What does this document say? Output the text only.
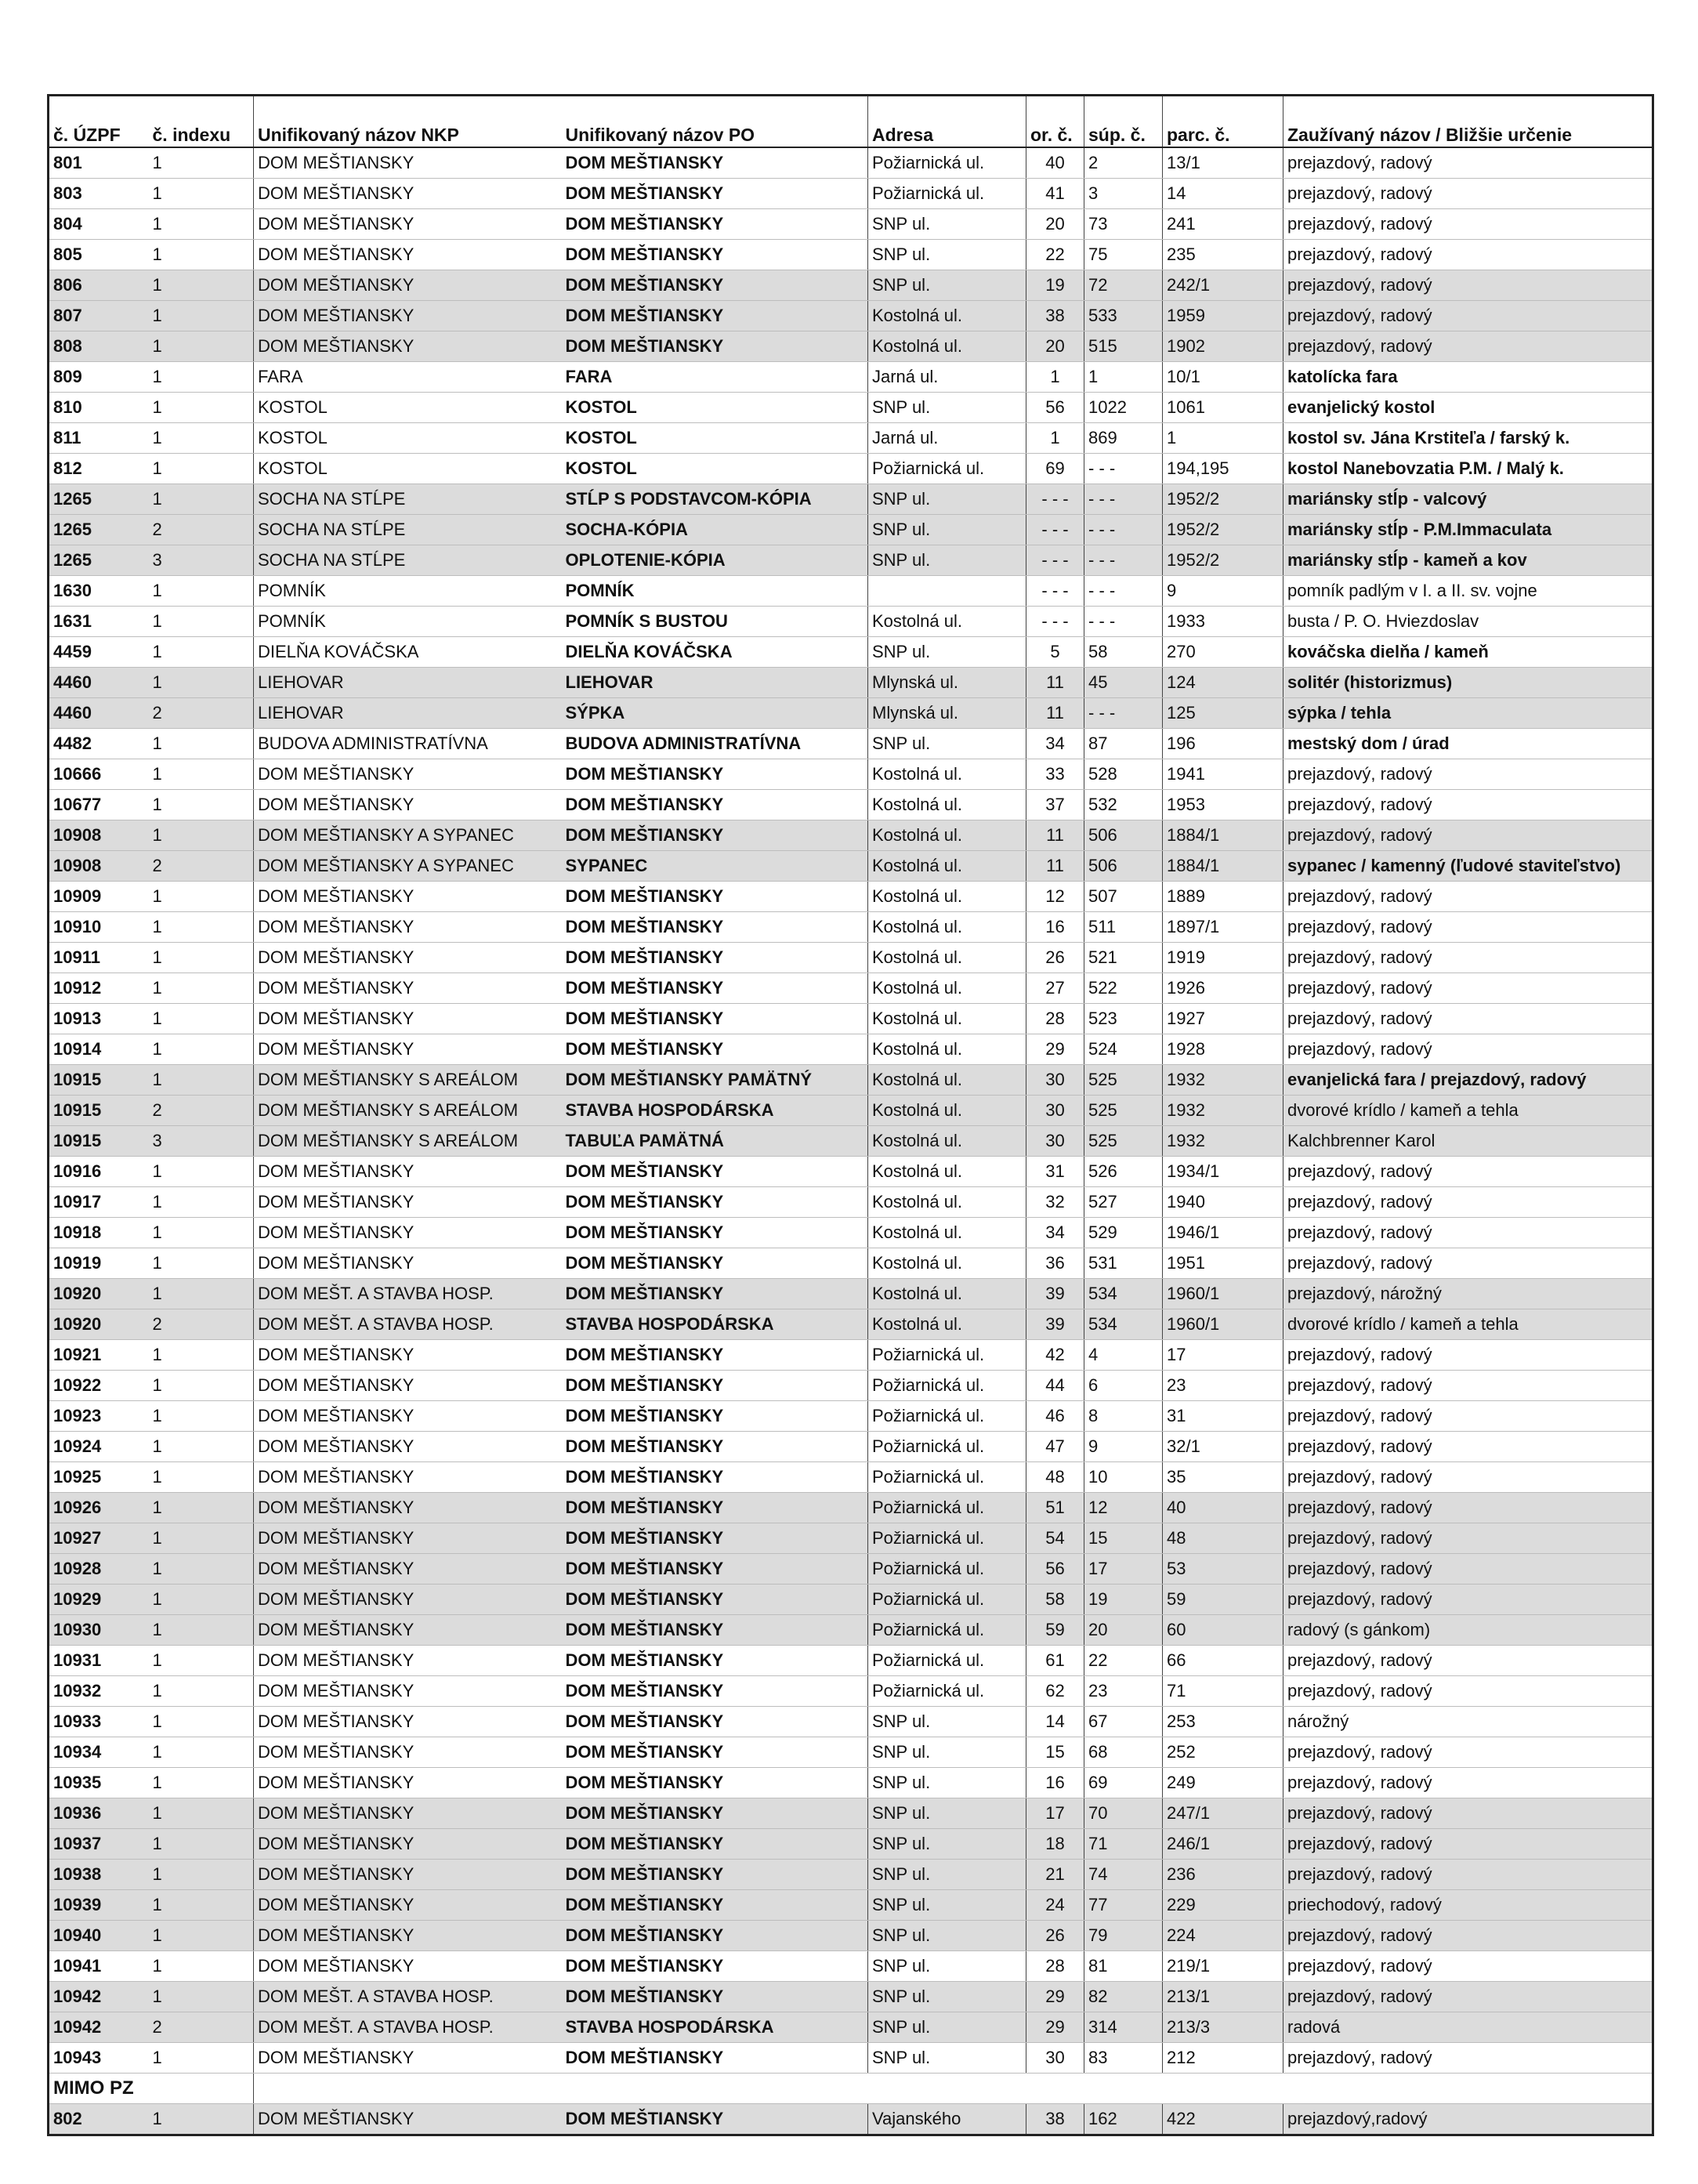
č. ÚZPF	č. indexu	Unifikovaný názov NKP	Unifikovaný názov PO	Adresa	or. č.	súp. č.	parc. č.	Zaužívaný názov / Bližšie určenie
801	1	DOM MEŠTIANSKY	DOM MEŠTIANSKY	Požiarnická ul.	40	2	13/1	prejazdový, radový
803	1	DOM MEŠTIANSKY	DOM MEŠTIANSKY	Požiarnická ul.	41	3	14	prejazdový, radový
804	1	DOM MEŠTIANSKY	DOM MEŠTIANSKY	SNP ul.	20	73	241	prejazdový, radový
805	1	DOM MEŠTIANSKY	DOM MEŠTIANSKY	SNP ul.	22	75	235	prejazdový, radový
806	1	DOM MEŠTIANSKY	DOM MEŠTIANSKY	SNP ul.	19	72	242/1	prejazdový, radový
807	1	DOM MEŠTIANSKY	DOM MEŠTIANSKY	Kostolná ul.	38	533	1959	prejazdový, radový
808	1	DOM MEŠTIANSKY	DOM MEŠTIANSKY	Kostolná ul.	20	515	1902	prejazdový, radový
809	1	FARA	FARA	Jarná ul.	1	1	10/1	katolícka fara
810	1	KOSTOL	KOSTOL	SNP ul.	56	1022	1061	evanjelický kostol
811	1	KOSTOL	KOSTOL	Jarná ul.	1	869	1	kostol sv. Jána Krstiteľa / farský k.
812	1	KOSTOL	KOSTOL	Požiarnická ul.	69	- - -	194,195	kostol Nanebovzatia P.M. / Malý k.
1265	1	SOCHA NA STĹPE	STĹP S PODSTAVCOM-KÓPIA	SNP ul.	- - -	- - -	1952/2	mariánsky stĺp - valcový
1265	2	SOCHA NA STĹPE	SOCHA-KÓPIA	SNP ul.	- - -	- - -	1952/2	mariánsky stĺp - P.M.Immaculata
1265	3	SOCHA NA STĹPE	OPLOTENIE-KÓPIA	SNP ul.	- - -	- - -	1952/2	mariánsky stĺp - kameň a kov
1630	1	POMNÍK	POMNÍK		- - -	- - -	9	pomník padlým v I. a II. sv. vojne
1631	1	POMNÍK	POMNÍK S BUSTOU	Kostolná ul.	- - -	- - -	1933	busta / P. O. Hviezdoslav
4459	1	DIELŇA KOVÁČSKA	DIELŇA KOVÁČSKA	SNP ul.	5	58	270	kováčska dielňa / kameň
4460	1	LIEHOVAR	LIEHOVAR	Mlynská ul.	11	45	124	solitér (historizmus)
4460	2	LIEHOVAR	SÝPKA	Mlynská ul.	11	- - -	125	sýpka / tehla
4482	1	BUDOVA ADMINISTRATÍVNA	BUDOVA ADMINISTRATÍVNA	SNP ul.	34	87	196	mestský dom / úrad
10666	1	DOM MEŠTIANSKY	DOM MEŠTIANSKY	Kostolná ul.	33	528	1941	prejazdový, radový
10677	1	DOM MEŠTIANSKY	DOM MEŠTIANSKY	Kostolná ul.	37	532	1953	prejazdový, radový
10908	1	DOM MEŠTIANSKY A SYPANEC	DOM MEŠTIANSKY	Kostolná ul.	11	506	1884/1	prejazdový, radový
10908	2	DOM MEŠTIANSKY A SYPANEC	SYPANEC	Kostolná ul.	11	506	1884/1	sypanec / kamenný (ľudové staviteľstvo)
10909	1	DOM MEŠTIANSKY	DOM MEŠTIANSKY	Kostolná ul.	12	507	1889	prejazdový, radový
10910	1	DOM MEŠTIANSKY	DOM MEŠTIANSKY	Kostolná ul.	16	511	1897/1	prejazdový, radový
10911	1	DOM MEŠTIANSKY	DOM MEŠTIANSKY	Kostolná ul.	26	521	1919	prejazdový, radový
10912	1	DOM MEŠTIANSKY	DOM MEŠTIANSKY	Kostolná ul.	27	522	1926	prejazdový, radový
10913	1	DOM MEŠTIANSKY	DOM MEŠTIANSKY	Kostolná ul.	28	523	1927	prejazdový, radový
10914	1	DOM MEŠTIANSKY	DOM MEŠTIANSKY	Kostolná ul.	29	524	1928	prejazdový, radový
10915	1	DOM MEŠTIANSKY S AREÁLOM	DOM MEŠTIANSKY PAMÄTNÝ	Kostolná ul.	30	525	1932	evanjelická fara / prejazdový, radový
10915	2	DOM MEŠTIANSKY S AREÁLOM	STAVBA HOSPODÁRSKA	Kostolná ul.	30	525	1932	dvorové krídlo / kameň a tehla
10915	3	DOM MEŠTIANSKY S AREÁLOM	TABUĽA PAMÄTNÁ	Kostolná ul.	30	525	1932	Kalchbrenner Karol
10916	1	DOM MEŠTIANSKY	DOM MEŠTIANSKY	Kostolná ul.	31	526	1934/1	prejazdový, radový
10917	1	DOM MEŠTIANSKY	DOM MEŠTIANSKY	Kostolná ul.	32	527	1940	prejazdový, radový
10918	1	DOM MEŠTIANSKY	DOM MEŠTIANSKY	Kostolná ul.	34	529	1946/1	prejazdový, radový
10919	1	DOM MEŠTIANSKY	DOM MEŠTIANSKY	Kostolná ul.	36	531	1951	prejazdový, radový
10920	1	DOM MEŠT. A STAVBA HOSP.	DOM MEŠTIANSKY	Kostolná ul.	39	534	1960/1	prejazdový, nárožný
10920	2	DOM MEŠT. A STAVBA HOSP.	STAVBA HOSPODÁRSKA	Kostolná ul.	39	534	1960/1	dvorové krídlo / kameň a tehla
10921	1	DOM MEŠTIANSKY	DOM MEŠTIANSKY	Požiarnická ul.	42	4	17	prejazdový, radový
10922	1	DOM MEŠTIANSKY	DOM MEŠTIANSKY	Požiarnická ul.	44	6	23	prejazdový, radový
10923	1	DOM MEŠTIANSKY	DOM MEŠTIANSKY	Požiarnická ul.	46	8	31	prejazdový, radový
10924	1	DOM MEŠTIANSKY	DOM MEŠTIANSKY	Požiarnická ul.	47	9	32/1	prejazdový, radový
10925	1	DOM MEŠTIANSKY	DOM MEŠTIANSKY	Požiarnická ul.	48	10	35	prejazdový, radový
10926	1	DOM MEŠTIANSKY	DOM MEŠTIANSKY	Požiarnická ul.	51	12	40	prejazdový, radový
10927	1	DOM MEŠTIANSKY	DOM MEŠTIANSKY	Požiarnická ul.	54	15	48	prejazdový, radový
10928	1	DOM MEŠTIANSKY	DOM MEŠTIANSKY	Požiarnická ul.	56	17	53	prejazdový, radový
10929	1	DOM MEŠTIANSKY	DOM MEŠTIANSKY	Požiarnická ul.	58	19	59	prejazdový, radový
10930	1	DOM MEŠTIANSKY	DOM MEŠTIANSKY	Požiarnická ul.	59	20	60	radový (s gánkom)
10931	1	DOM MEŠTIANSKY	DOM MEŠTIANSKY	Požiarnická ul.	61	22	66	prejazdový, radový
10932	1	DOM MEŠTIANSKY	DOM MEŠTIANSKY	Požiarnická ul.	62	23	71	prejazdový, radový
10933	1	DOM MEŠTIANSKY	DOM MEŠTIANSKY	SNP ul.	14	67	253	nárožný
10934	1	DOM MEŠTIANSKY	DOM MEŠTIANSKY	SNP ul.	15	68	252	prejazdový, radový
10935	1	DOM MEŠTIANSKY	DOM MEŠTIANSKY	SNP ul.	16	69	249	prejazdový, radový
10936	1	DOM MEŠTIANSKY	DOM MEŠTIANSKY	SNP ul.	17	70	247/1	prejazdový, radový
10937	1	DOM MEŠTIANSKY	DOM MEŠTIANSKY	SNP ul.	18	71	246/1	prejazdový, radový
10938	1	DOM MEŠTIANSKY	DOM MEŠTIANSKY	SNP ul.	21	74	236	prejazdový, radový
10939	1	DOM MEŠTIANSKY	DOM MEŠTIANSKY	SNP ul.	24	77	229	priechodový, radový
10940	1	DOM MEŠTIANSKY	DOM MEŠTIANSKY	SNP ul.	26	79	224	prejazdový, radový
10941	1	DOM MEŠTIANSKY	DOM MEŠTIANSKY	SNP ul.	28	81	219/1	prejazdový, radový
10942	1	DOM MEŠT. A STAVBA HOSP.	DOM MEŠTIANSKY	SNP ul.	29	82	213/1	prejazdový, radový
10942	2	DOM MEŠT. A STAVBA HOSP.	STAVBA HOSPODÁRSKA	SNP ul.	29	314	213/3	radová
10943	1	DOM MEŠTIANSKY	DOM MEŠTIANSKY	SNP ul.	30	83	212	prejazdový, radový
MIMO PZ								
802	1	DOM MEŠTIANSKY	DOM MEŠTIANSKY	Vajanského	38	162	422	prejazdový,radový
